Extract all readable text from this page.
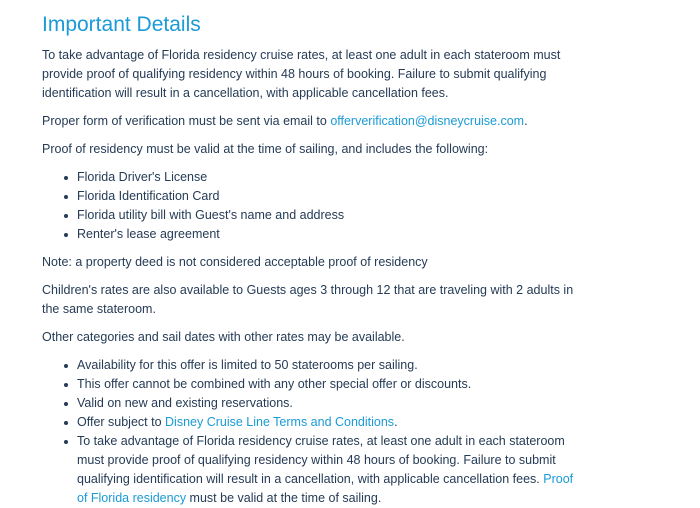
Important Details

To take advantage of Florida residency cruise rates, at least one adult in each stateroom must provide proof of qualifying residency within 48 hours of booking. Failure to submit qualifying identification will result in a cancellation, with applicable cancellation fees.

Proper form of verification must be sent via email to offerverification@disneycruise.com.

Proof of residency must be valid at the time of sailing, and includes the following:

Florida Driver's License
Florida Identification Card
Florida utility bill with Guest's name and address
Renter's lease agreement

Note: a property deed is not considered acceptable proof of residency

Children's rates are also available to Guests ages 3 through 12 that are traveling with 2 adults in the same stateroom.

Other categories and sail dates with other rates may be available.

Availability for this offer is limited to 50 staterooms per sailing.
This offer cannot be combined with any other special offer or discounts.
Valid on new and existing reservations.
Offer subject to Disney Cruise Line Terms and Conditions.
To take advantage of Florida residency cruise rates, at least one adult in each stateroom must provide proof of qualifying residency within 48 hours of booking. Failure to submit qualifying identification will result in a cancellation, with applicable cancellation fees. Proof of Florida residency must be valid at the time of sailing.
